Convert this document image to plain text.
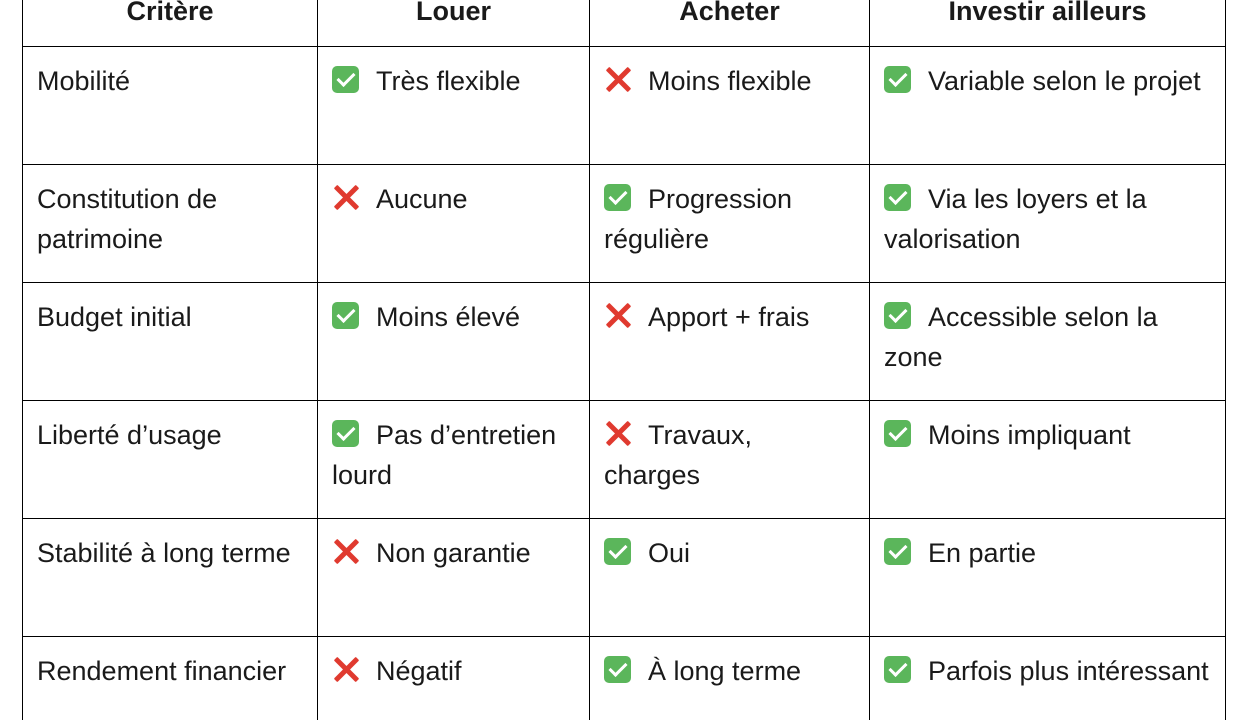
Critère	Louer	Acheter	Investir ailleurs
Mobilité	Très flexible	Moins flexible	Variable selon le projet
Constitution de patrimoine	Aucune	Progression régulière	Via les loyers et la valorisation
Budget initial	Moins élevé	Apport + frais	Accessible selon la zone
Liberté d’usage	Pas d’entretien lourd	Travaux, charges	Moins impliquant
Stabilité à long terme	Non garantie	Oui	En partie
Rendement financier	Négatif	À long terme	Parfois plus intéressant
